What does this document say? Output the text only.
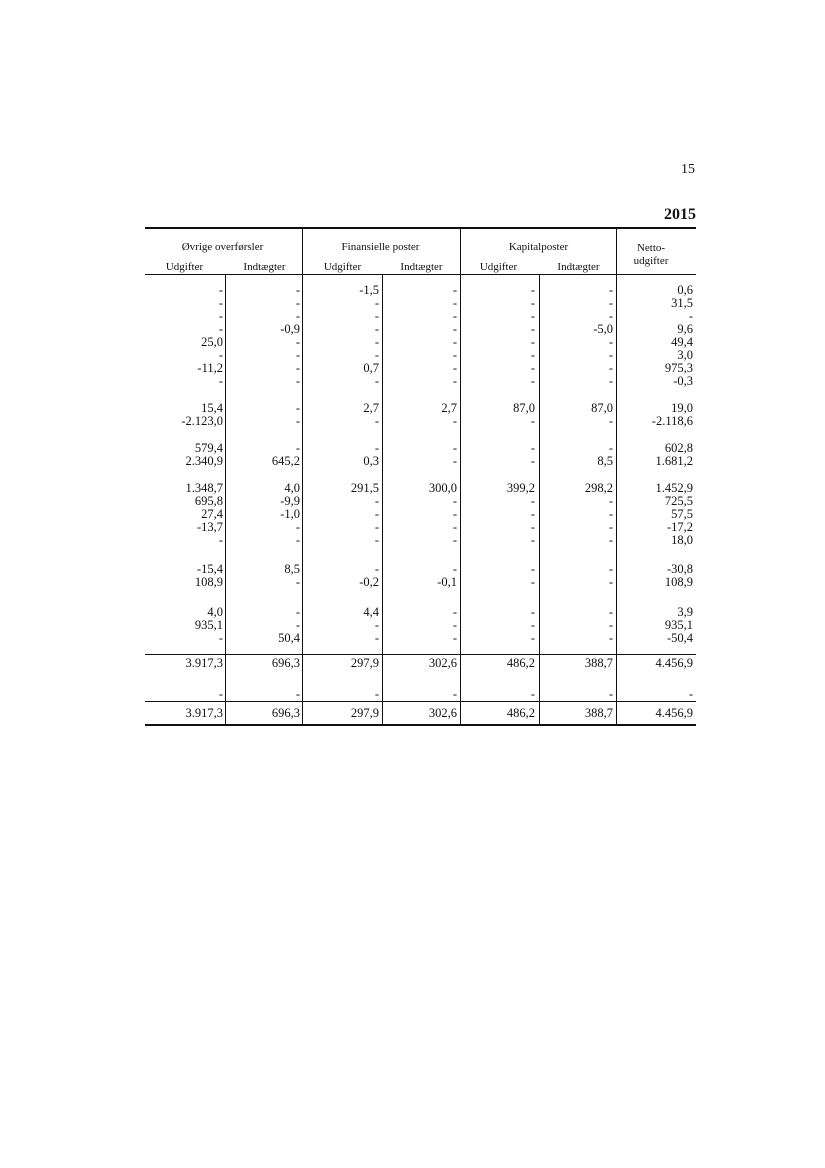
15
2015
Øvrige overførsler	Finansielle poster	Kapitalposter
Udgifter	Indtægter	Udgifter	Indtægter	Udgifter	Indtægter
Netto-
udgifter
-	-	-1,5	-	-	-	0,6
-	-	-	-	-	-	31,5
-	-	-	-	-	-	-
-	-0,9	-	-	-	-5,0	9,6
25,0	-	-	-	-	-	49,4
-	-	-	-	-	-	3,0
-11,2	-	0,7	-	-	-	975,3
-	-	-	-	-	-	-0,3
15,4	-	2,7	2,7	87,0	87,0	19,0
-2.123,0	-	-	-	-	-	-2.118,6
579,4	-	-	-	-	-	602,8
2.340,9	645,2	0,3	-	-	8,5	1.681,2
1.348,7	4,0	291,5	300,0	399,2	298,2	1.452,9
695,8	-9,9	-	-	-	-	725,5
27,4	-1,0	-	-	-	-	57,5
-13,7	-	-	-	-	-	-17,2
-	-	-	-	-	-	18,0
-15,4	8,5	-	-	-	-	-30,8
108,9	-	-0,2	-0,1	-	-	108,9
4,0	-	4,4	-	-	-	3,9
935,1	-	-	-	-	-	935,1
-	50,4	-	-	-	-	-50,4
3.917,3	696,3	297,9	302,6	486,2	388,7	4.456,9
-	-	-	-	-	-	-
3.917,3	696,3	297,9	302,6	486,2	388,7	4.456,9
